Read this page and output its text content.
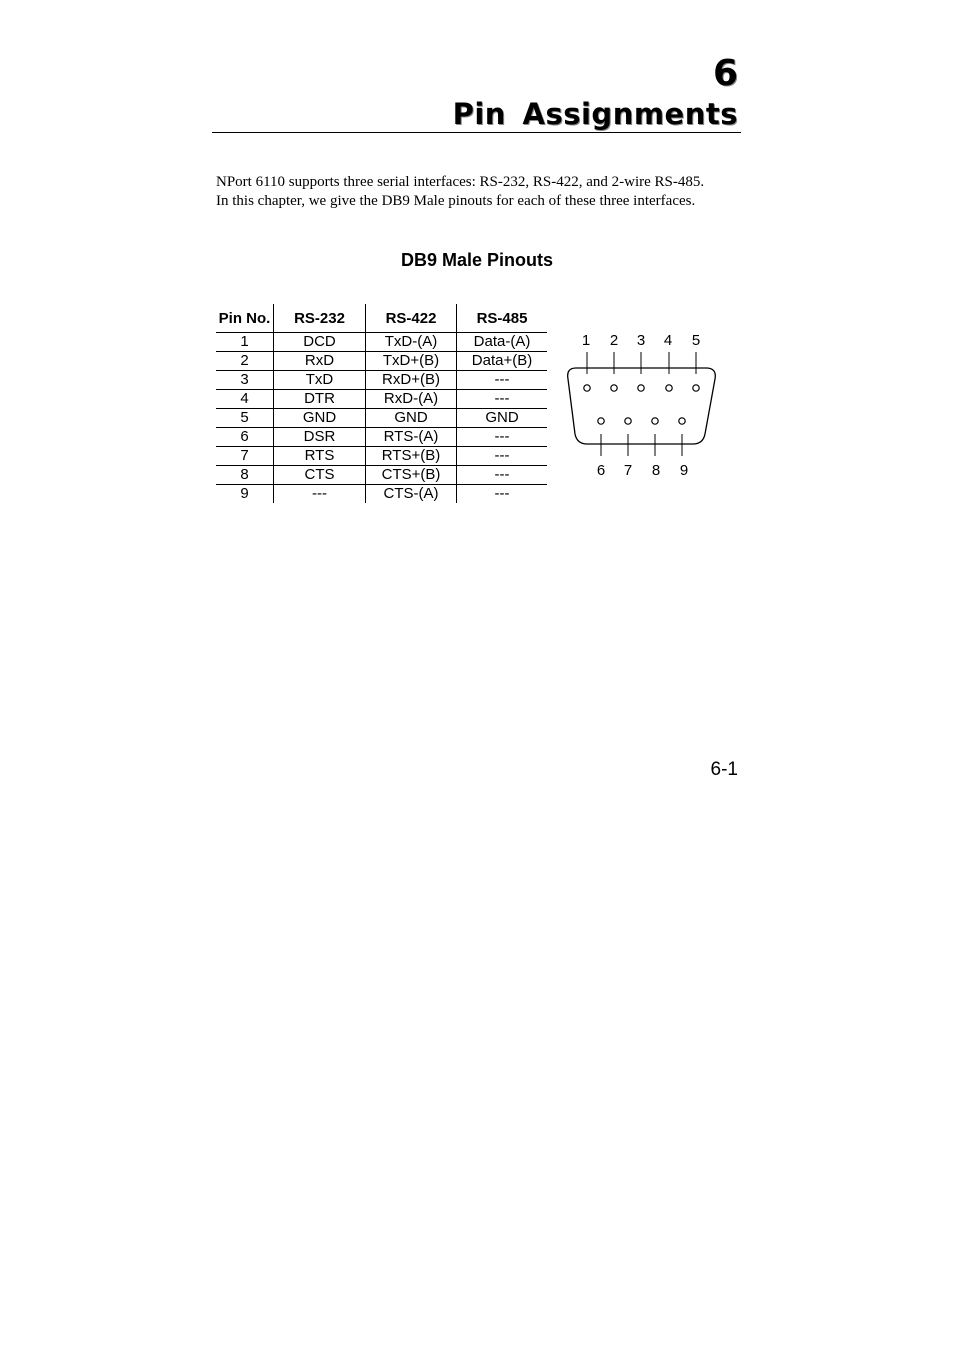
6
Pin Assignments

NPort 6110 supports three serial interfaces: RS-232, RS-422, and 2-wire RS-485.
In this chapter, we give the DB9 Male pinouts for each of these three interfaces.

DB9 Male Pinouts
Pin No.	RS-232	RS-422	RS-485
1	DCD	TxD-(A)	Data-(A)
2	RxD	TxD+(B)	Data+(B)
3	TxD	RxD+(B)	---
4	DTR	RxD-(A)	---
5	GND	GND	GND
6	DSR	RTS-(A)	---
7	RTS	RTS+(B)	---
8	CTS	CTS+(B)	---
9	---	CTS-(A)	---
1 2 3 4 5
6 7 8 9
6-1
